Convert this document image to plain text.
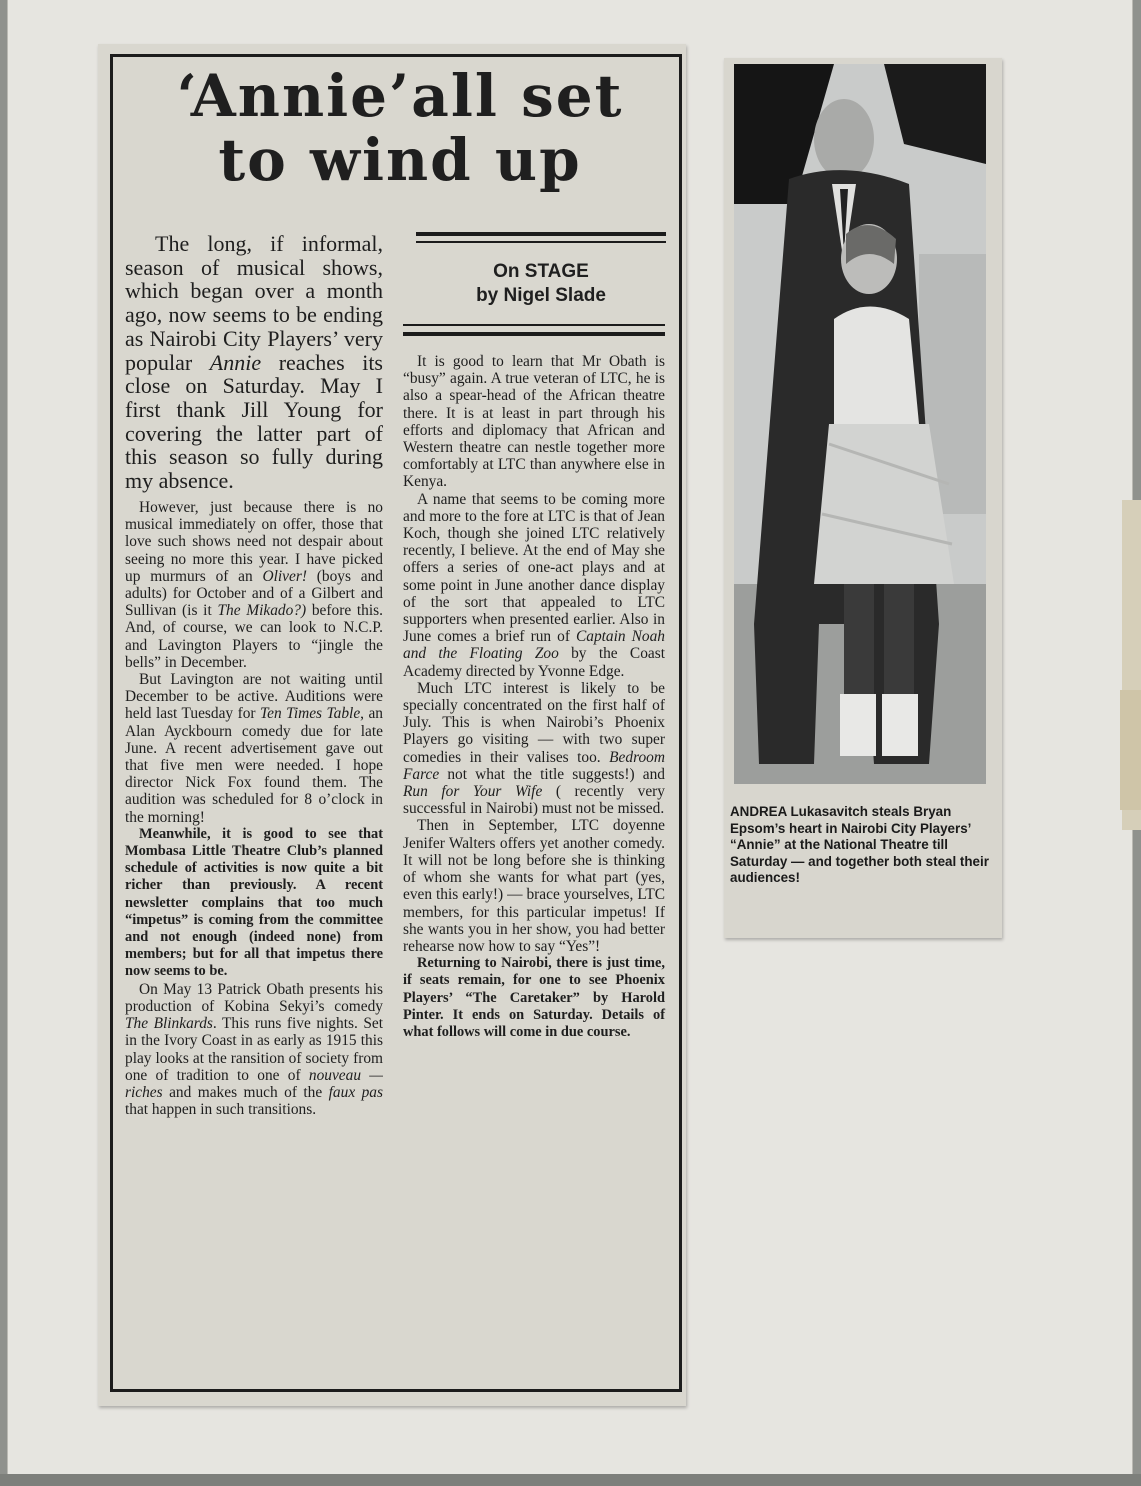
‘Annie’all set
to wind up
On STAGE
by Nigel Slade

The long, if informal, season of musical shows, which began over a month ago, now seems to be ending as Nairobi City Players’ very popular Annie reaches its close on Saturday. May I first thank Jill Young for covering the latter part of this season so fully during my absence.

However, just because there is no musical immediately on offer, those that love such shows need not despair about seeing no more this year. I have picked up murmurs of an Oliver! (boys and adults) for October and of a Gilbert and Sullivan (is it The Mikado?) before this. And, of course, we can look to N.C.P. and Lavington Players to “jingle the bells” in December.

But Lavington are not waiting until December to be active. Auditions were held last Tuesday for Ten Times Table, an Alan Ayckbourn comedy due for late June. A recent advertisement gave out that five men were needed. I hope director Nick Fox found them. The audition was scheduled for 8 o’clock in the morning!

Meanwhile, it is good to see that Mombasa Little Theatre Club’s planned schedule of activities is now quite a bit richer than previously. A recent newsletter complains that too much “impetus” is coming from the committee and not enough (indeed none) from members; but for all that impetus there now seems to be.

On May 13 Patrick Obath presents his production of Kobina Sekyi’s comedy The Blinkards. This runs five nights. Set in the Ivory Coast in as early as 1915 this play looks at the ransition of society from one of tradition to one of nouveau — riches and makes much of the faux pas that happen in such transitions.

It is good to learn that Mr Obath is “busy” again. A true veteran of LTC, he is also a spear-head of the African theatre there. It is at least in part through his efforts and diplomacy that African and Western theatre can nestle together more comfortably at LTC than anywhere else in Kenya.

A name that seems to be coming more and more to the fore at LTC is that of Jean Koch, though she joined LTC relatively recently, I believe. At the end of May she offers a series of one-act plays and at some point in June another dance display of the sort that appealed to LTC supporters when presented earlier. Also in June comes a brief run of Captain Noah and the Floating Zoo by the Coast Academy directed by Yvonne Edge.

Much LTC interest is likely to be specially concentrated on the first half of July. This is when Nairobi’s Phoenix Players go visiting — with two super comedies in their valises too. Bedroom Farce not what the title suggests!) and Run for Your Wife ( recently very successful in Nairobi) must not be missed.

Then in September, LTC doyenne Jenifer Walters offers yet another comedy. It will not be long before she is thinking of whom she wants for what part (yes, even this early!) — brace yourselves, LTC members, for this particular impetus! If she wants you in her show, you had better rehearse now how to say “Yes”!

Returning to Nairobi, there is just time, if seats remain, for one to see Phoenix Players’ “The Caretaker” by Harold Pinter. It ends on Saturday. Details of what follows will come in due course.

ANDREA Lukasavitch steals Bryan Epsom’s heart in Nairobi City Players’ “Annie” at the National Theatre till Saturday — and together both steal their audiences!
